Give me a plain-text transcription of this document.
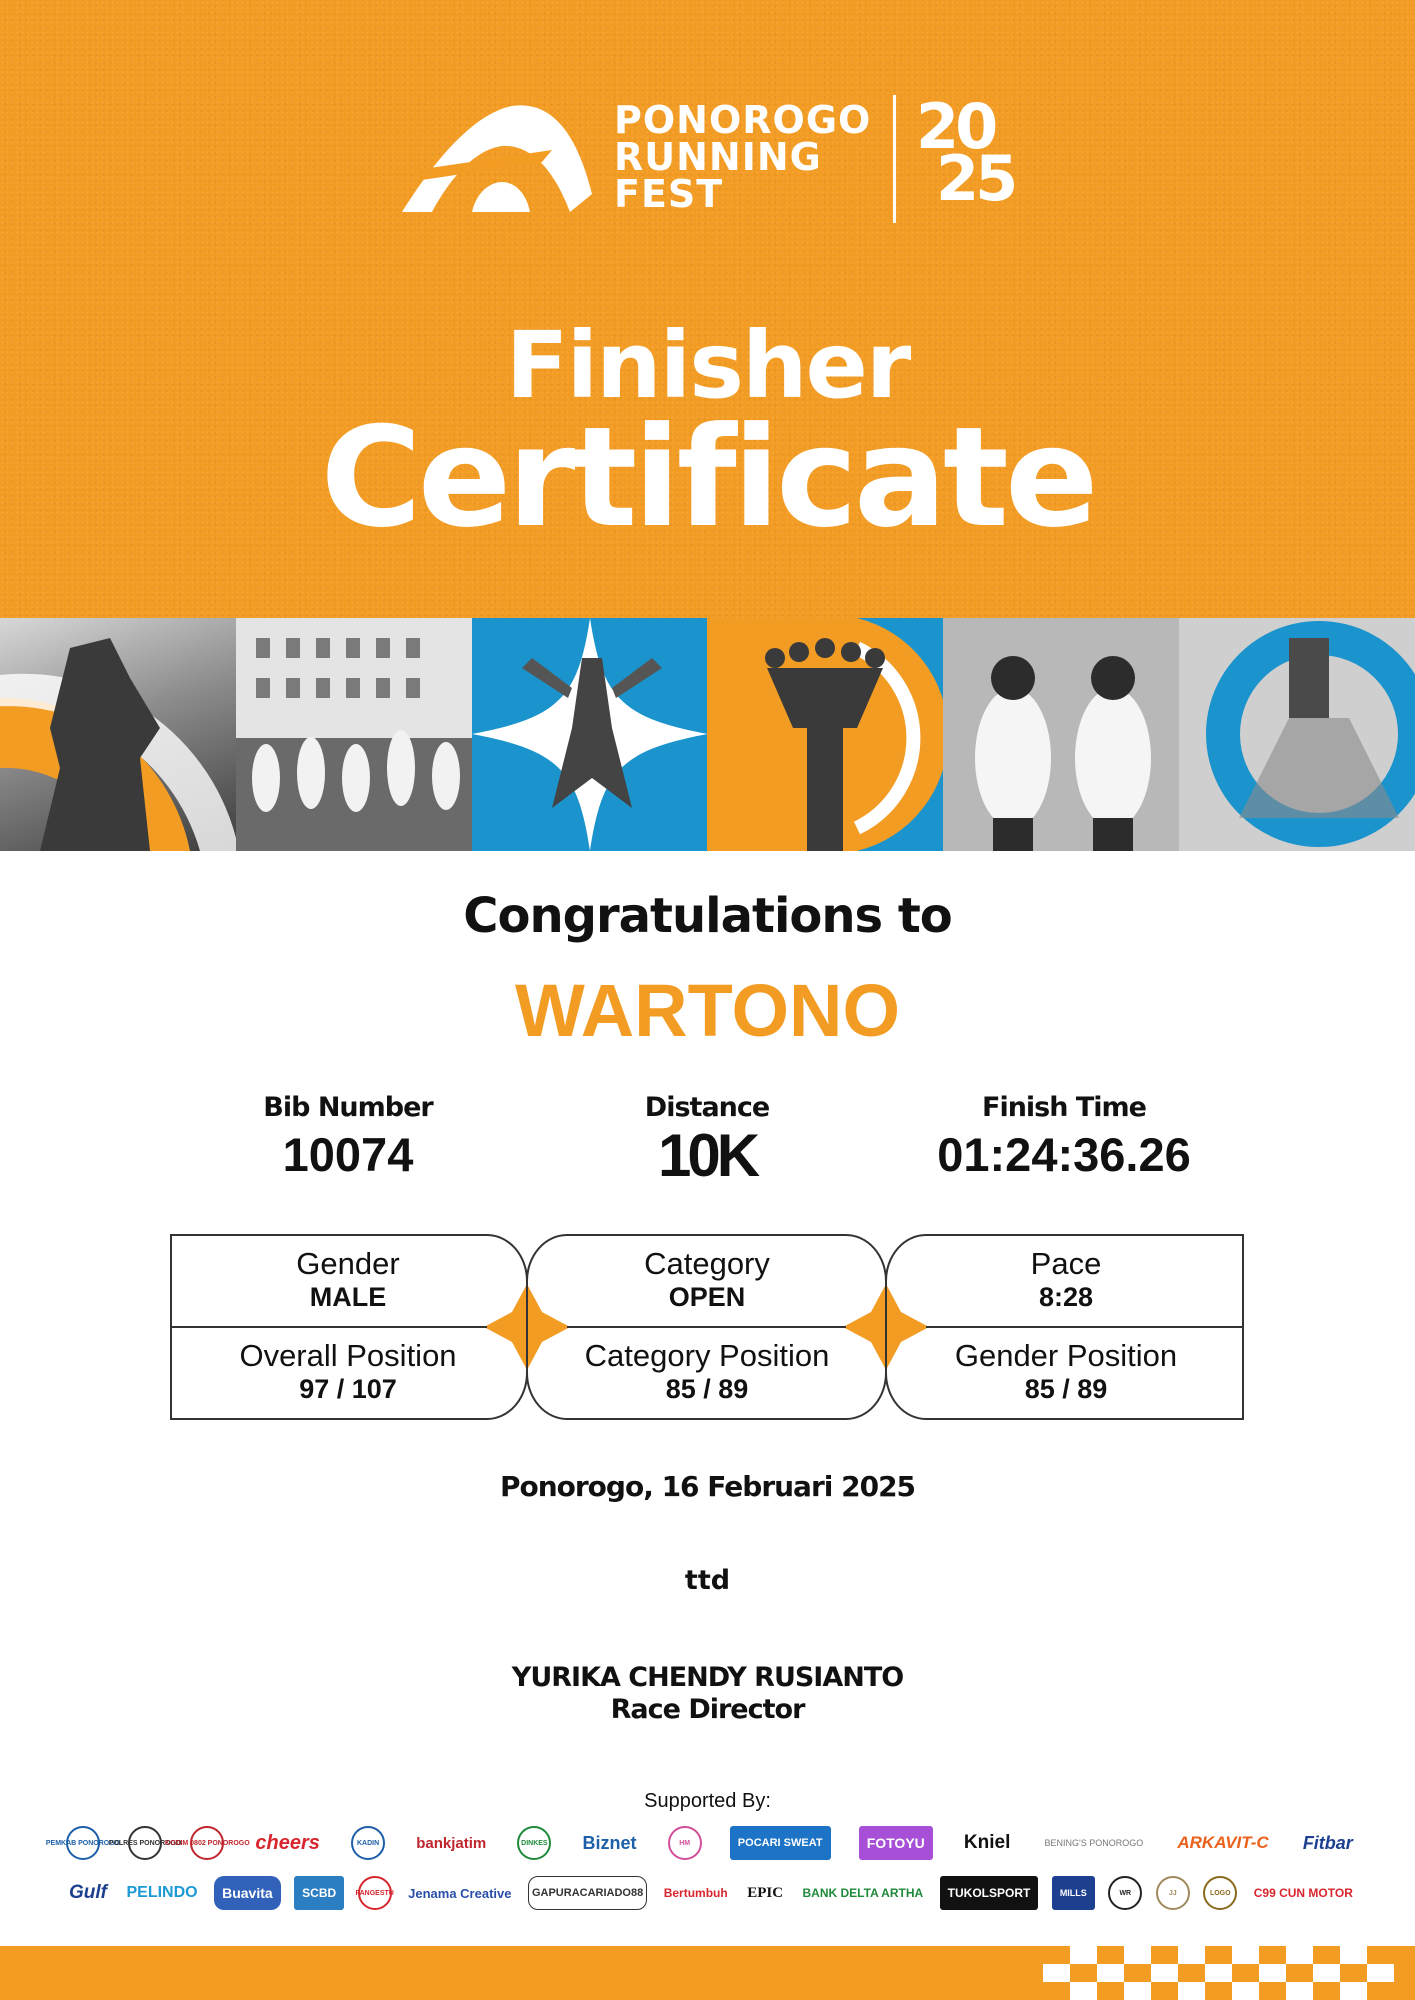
PONOROGO
RUNNING
FEST
20
25
Finisher
Certificate
Congratulations to
WARTONO
Bib Number
10074
Distance
10K
Finish Time
01:24:36.26
Gender
MALE
Category
OPEN
Pace
8:28
Overall Position
97 / 107
Category Position
85 / 89
Gender Position
85 / 89
Ponorogo, 16 Februari 2025
ttd
YURIKA CHENDY RUSIANTO
Race Director
Supported By:
PEMKAB PONOROGO
POLRES PONOROGO
KODIM 0802 PONOROGO cheers	KADIN	bankjatim	DINKES Biznet	HM	POCARI SWEAT	FOTOYU	Kniel	BENING'S PONOROGO ARKAVIT-C Fitbar
Gulf PELINDO	Buavita	SCBD	PANGESTU Jenama Creative	GAPURACARIADO88	Bertumbuh EPIC BANK DELTA ARTHA	TUKOLSPORT	MILLS	WR	JJ	LOGO	C99 CUN MOTOR
